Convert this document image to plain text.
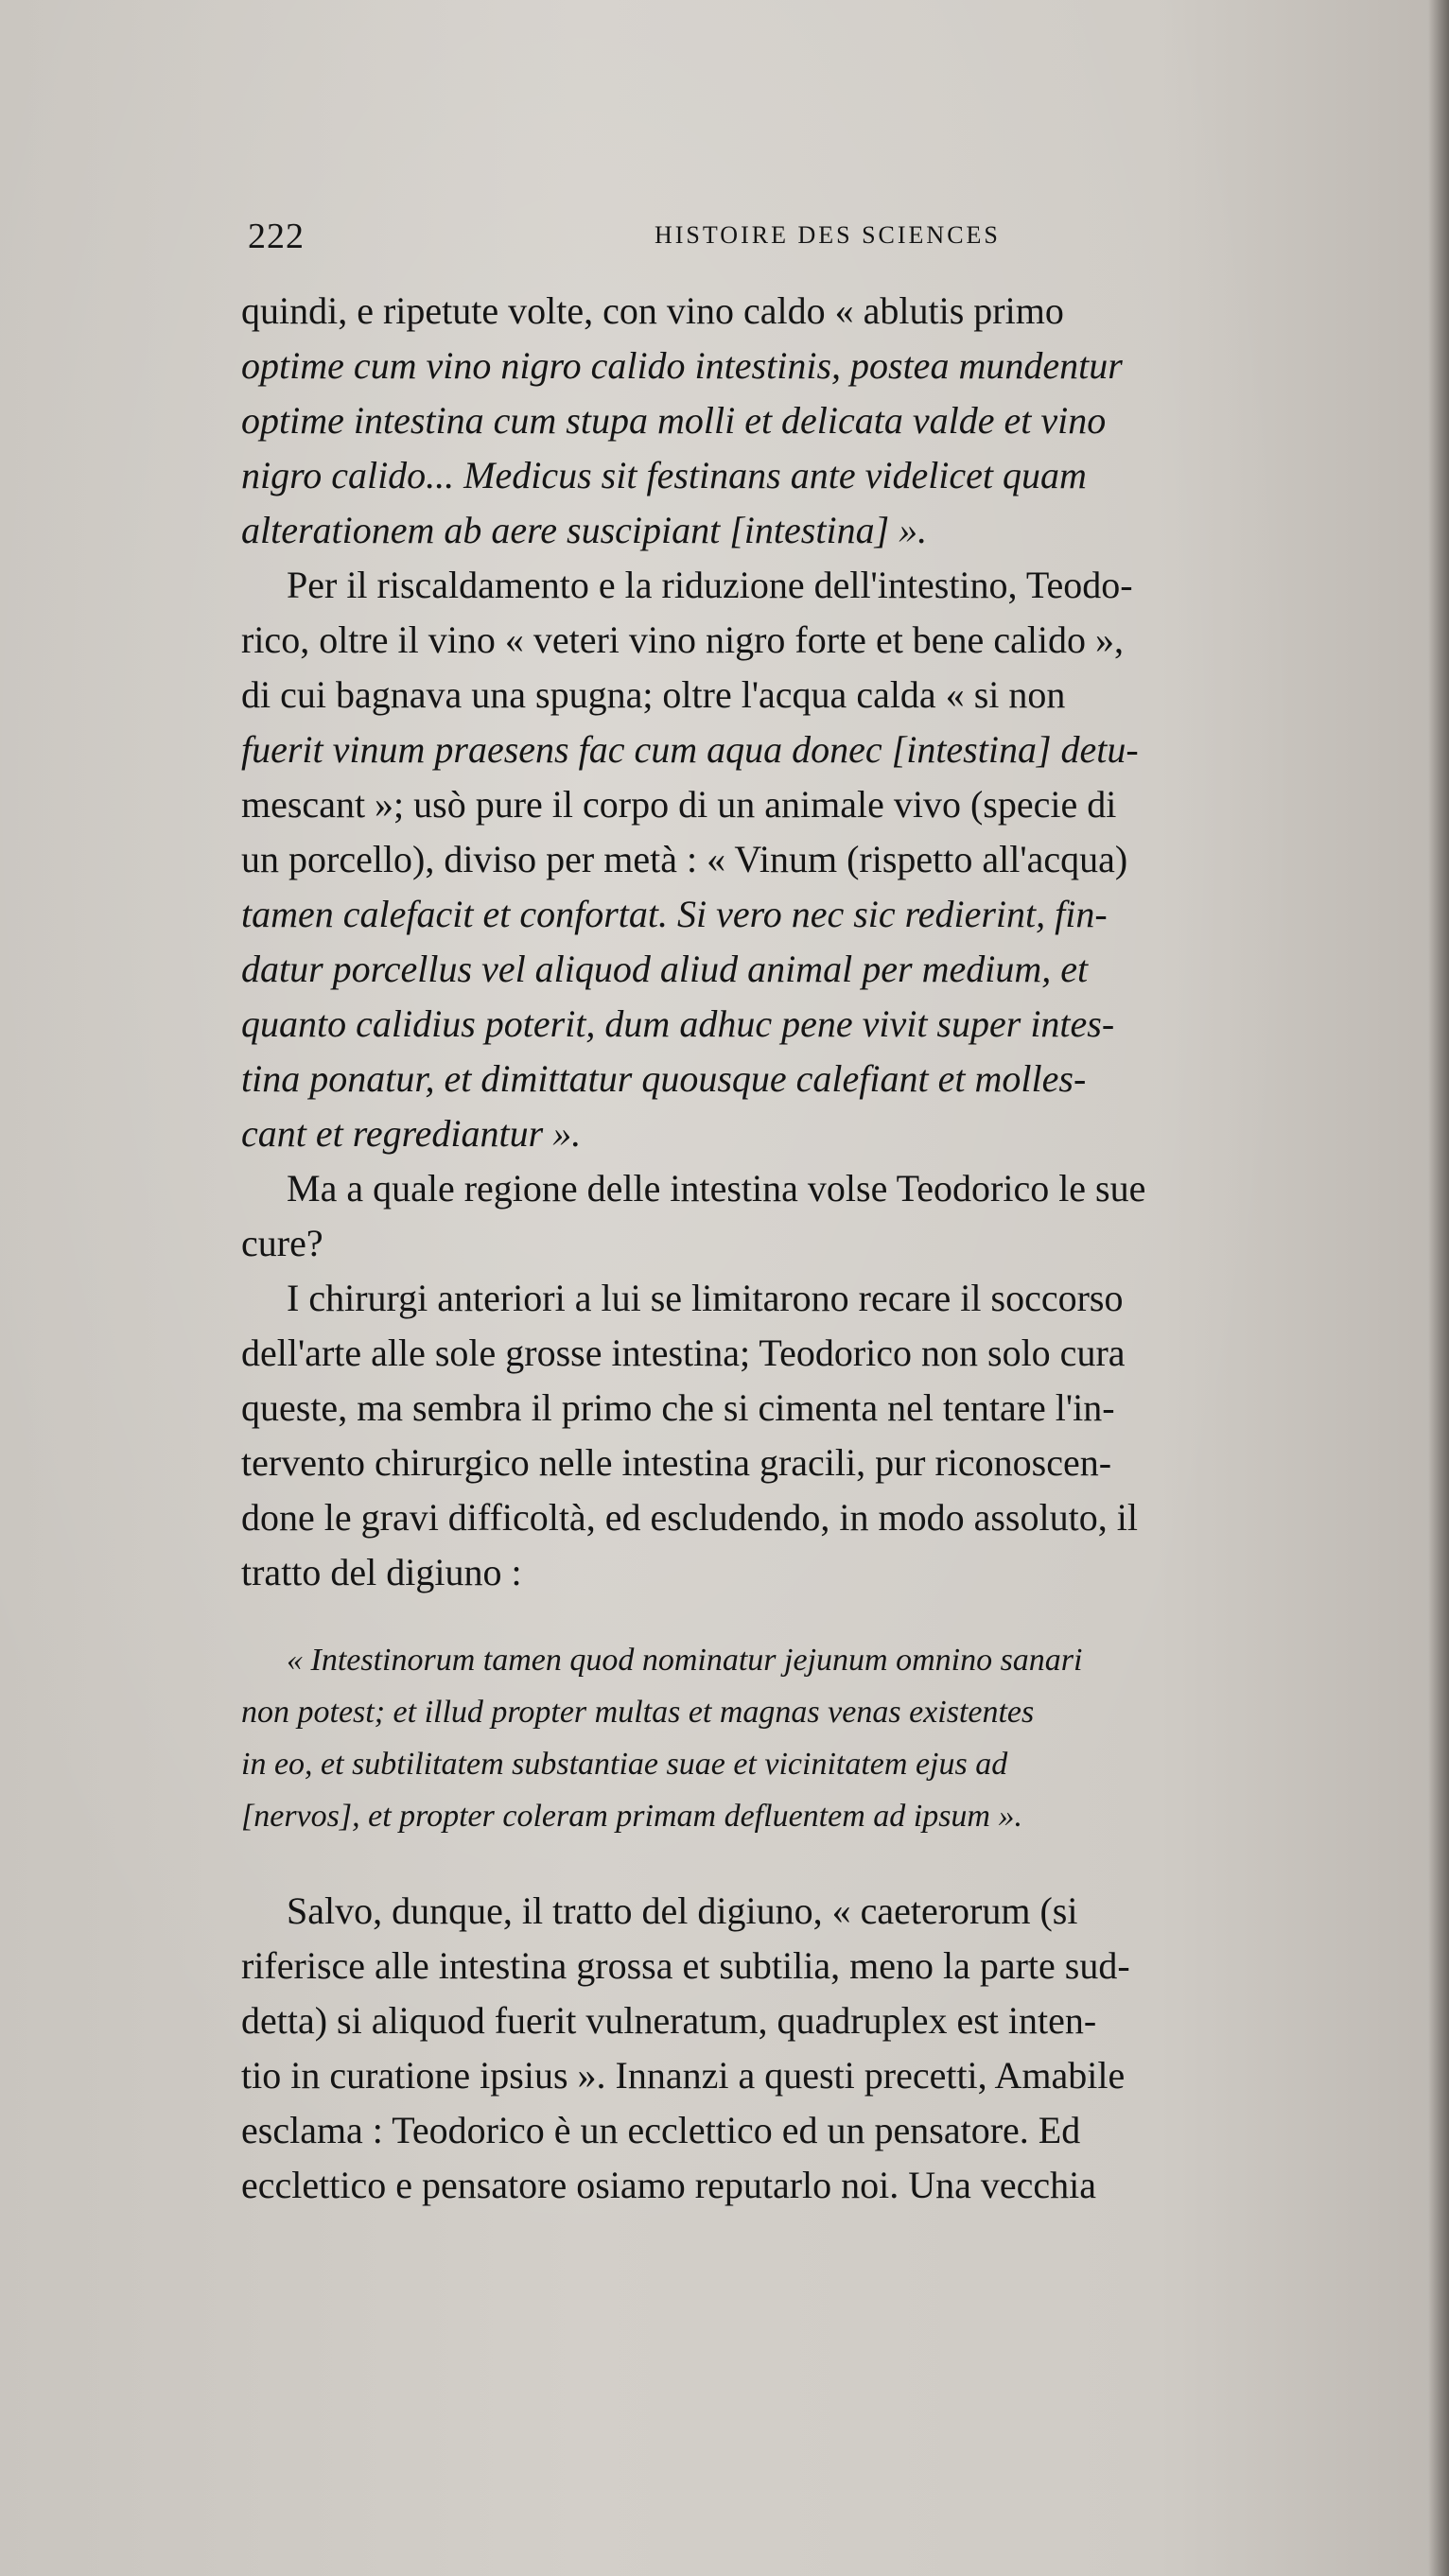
222	HISTOIRE DES SCIENCES
quindi, e ripetute volte, con vino caldo « ablutis primo
optime cum vino nigro calido intestinis, postea mundentur
optime intestina cum stupa molli et delicata valde et vino
nigro calido... Medicus sit festinans ante videlicet quam
alterationem ab aere suscipiant [intestina] ».
Per il riscaldamento e la riduzione dell'intestino, Teodo-
rico, oltre il vino « veteri vino nigro forte et bene calido »,
di cui bagnava una spugna; oltre l'acqua calda « si non
fuerit vinum praesens fac cum aqua donec [intestina] detu-
mescant »; usò pure il corpo di un animale vivo (specie di
un porcello), diviso per metà : « Vinum (rispetto all'acqua)
tamen calefacit et confortat. Si vero nec sic redierint, fin-
datur porcellus vel aliquod aliud animal per medium, et
quanto calidius poterit, dum adhuc pene vivit super intes-
tina ponatur, et dimittatur quousque calefiant et molles-
cant et regrediantur ».
Ma a quale regione delle intestina volse Teodorico le sue
cure?
I chirurgi anteriori a lui se limitarono recare il soccorso
dell'arte alle sole grosse intestina; Teodorico non solo cura
queste, ma sembra il primo che si cimenta nel tentare l'in-
tervento chirurgico nelle intestina gracili, pur riconoscen-
done le gravi difficoltà, ed escludendo, in modo assoluto, il
tratto del digiuno :
« Intestinorum tamen quod nominatur jejunum omnino sanari
non potest; et illud propter multas et magnas venas existentes
in eo, et subtilitatem substantiae suae et vicinitatem ejus ad
[nervos], et propter coleram primam defluentem ad ipsum ».
Salvo, dunque, il tratto del digiuno, « caeterorum (si
riferisce alle intestina grossa et subtilia, meno la parte sud-
detta) si aliquod fuerit vulneratum, quadruplex est inten-
tio in curatione ipsius ». Innanzi a questi precetti, Amabile
esclama : Teodorico è un ecclettico ed un pensatore. Ed
ecclettico e pensatore osiamo reputarlo noi. Una vecchia
